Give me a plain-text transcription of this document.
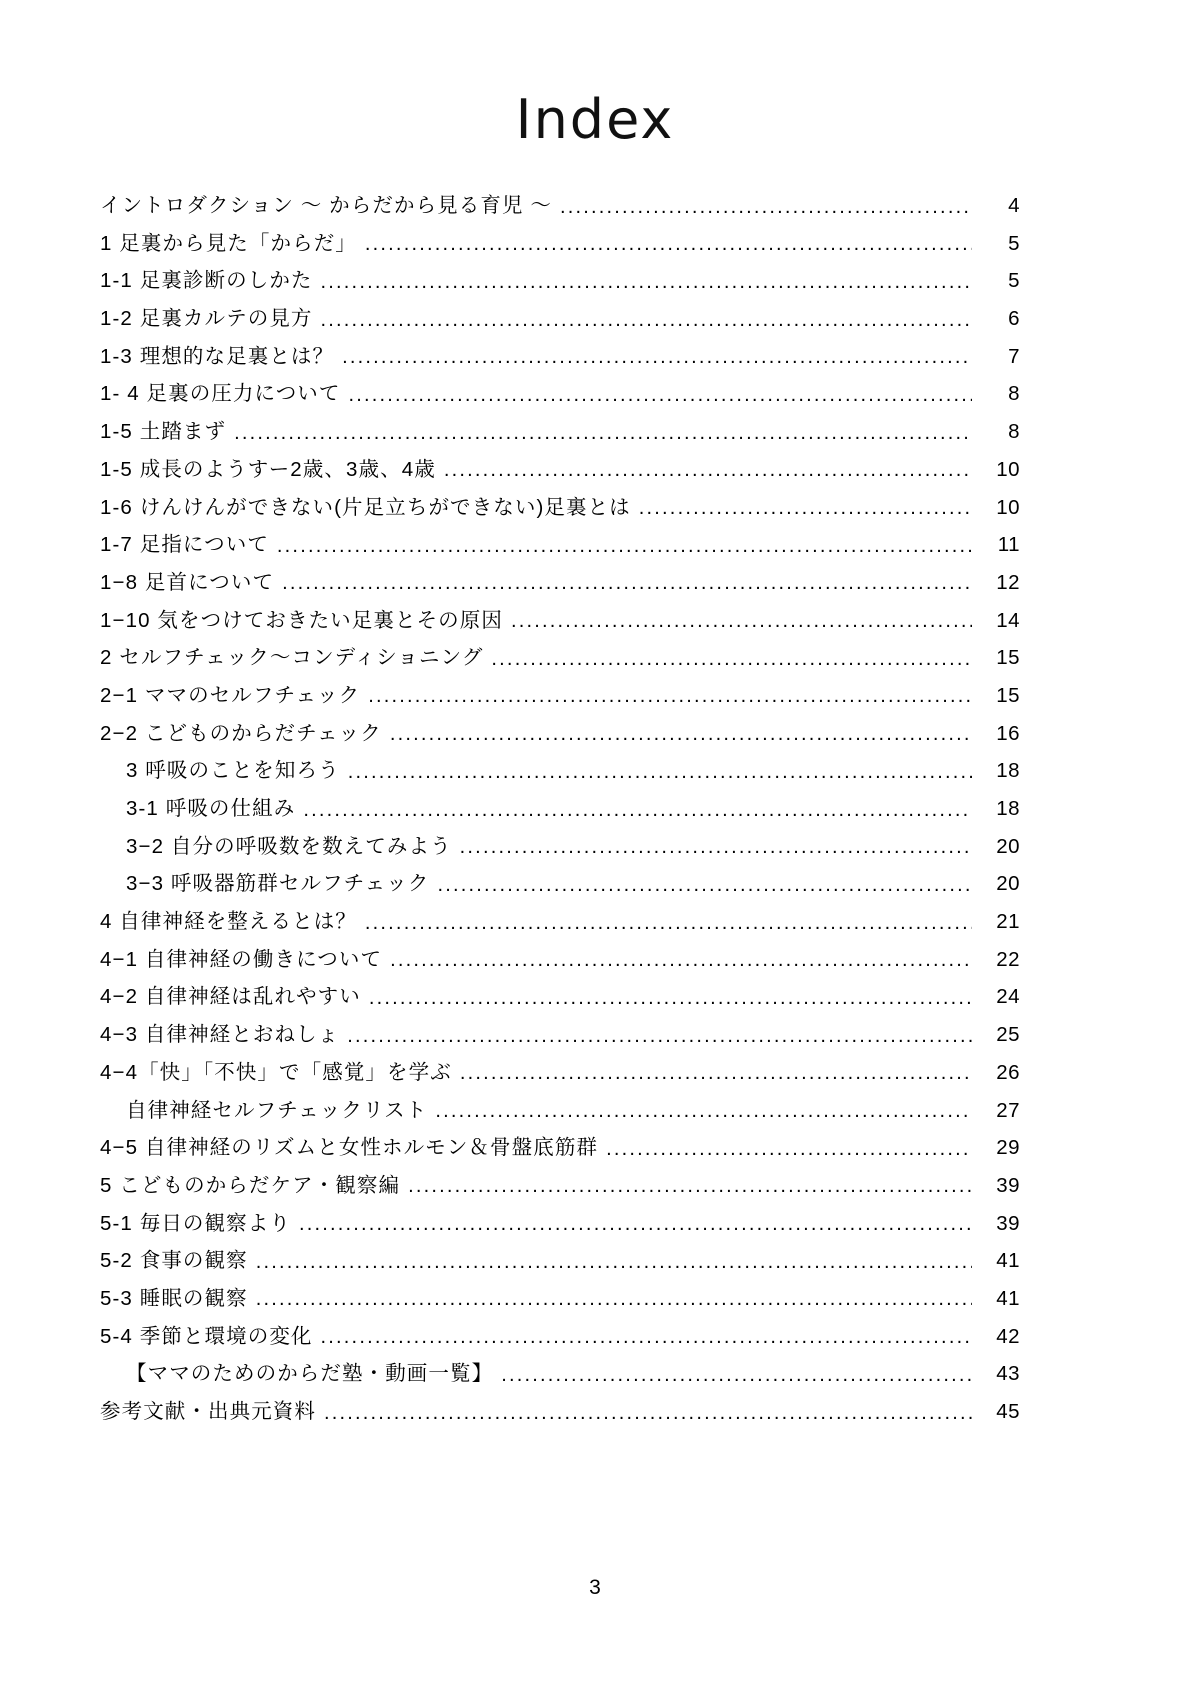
Index
イントロダクション 〜 からだから見る育児 〜 .....	4
1 足裏から見た「からだ」 .....	5
1-1 足裏診断のしかた .....	5
1-2 足裏カルテの見方 .....	6
1-3 理想的な足裏とは？ .....	7
1- 4 足裏の圧力について .....	8
1-5 土踏まず .....	8
1-5 成長のようすー2歳、3歳、4歳 .....	10
1-6 けんけんができない(片足立ちができない)足裏とは .....	10
1-7 足指について .....	11
1−8 足首について .....	12
1−10 気をつけておきたい足裏とその原因 .....	14
2 セルフチェック〜コンディショニング .....	15
2−1 ママのセルフチェック .....	15
2−2 こどものからだチェック .....	16
3 呼吸のことを知ろう .....	18
3-1 呼吸の仕組み .....	18
3−2 自分の呼吸数を数えてみよう .....	20
3−3 呼吸器筋群セルフチェック .....	20
4 自律神経を整えるとは？ .....	21
4−1 自律神経の働きについて .....	22
4−2 自律神経は乱れやすい .....	24
4−3 自律神経とおねしょ .....	25
4−4「快」「不快」で「感覚」を学ぶ .....	26
自律神経セルフチェックリスト .....	27
4−5 自律神経のリズムと女性ホルモン＆骨盤底筋群 .....	29
5 こどものからだケア・観察編 .....	39
5-1 毎日の観察より .....	39
5-2 食事の観察 .....	41
5-3 睡眠の観察 .....	41
5-4 季節と環境の変化 .....	42
【ママのためのからだ塾・動画一覧】 .....	43
参考文献・出典元資料 .....	45
3
